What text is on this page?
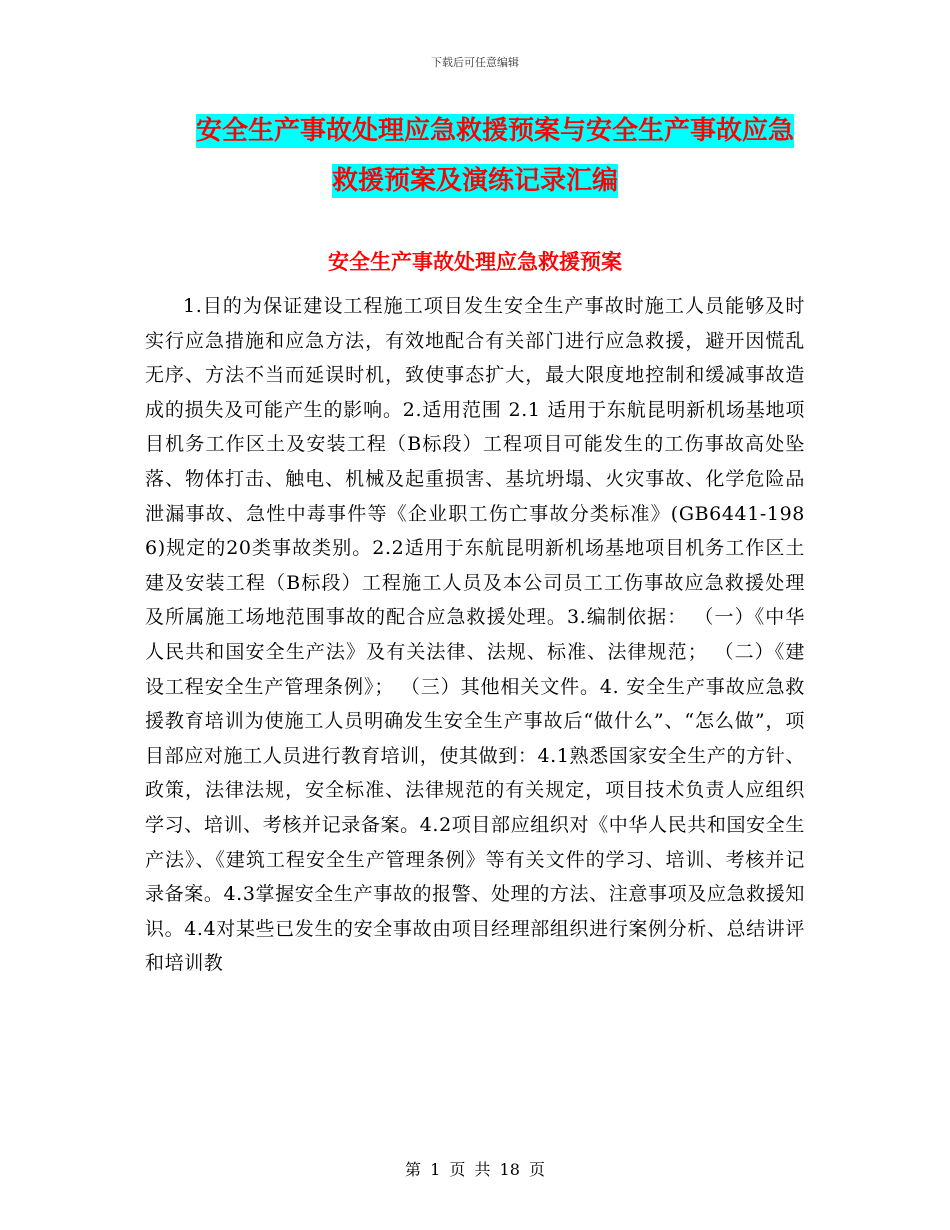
下载后可任意编辑
安全生产事故处理应急救援预案与安全生产事故应急
救援预案及演练记录汇编
安全生产事故处理应急救援预案

1.目的为保证建设工程施工项目发生安全生产事故时施工人员能够及时实行应急措施和应急方法，有效地配合有关部门进行应急救援，避开因慌乱无序、方法不当而延误时机，致使事态扩大，最大限度地控制和缓减事故造成的损失及可能产生的影响。2.适用范围 2.1 适用于东航昆明新机场基地项目机务工作区土及安装工程（B标段）工程项目可能发生的工伤事故高处坠落、物体打击、触电、机械及起重损害、基坑坍塌、火灾事故、化学危险品泄漏事故、急性中毒事件等《企业职工伤亡事故分类标准》(GB6441-1986)规定的20类事故类别。2.2适用于东航昆明新机场基地项目机务工作区土建及安装工程（B标段）工程施工人员及本公司员工工伤事故应急救援处理及所属施工场地范围事故的配合应急救援处理。3.编制依据： （一）《中华人民共和国安全生产法》及有关法律、法规、标准、法律规范； （二）《建设工程安全生产管理条例》； （三）其他相关文件。4. 安全生产事故应急救援教育培训为使施工人员明确发生安全生产事故后“做什么”、“怎么做”，项目部应对施工人员进行教育培训，使其做到：4.1熟悉国家安全生产的方针、政策，法律法规，安全标准、法律规范的有关规定，项目技术负责人应组织学习、培训、考核并记录备案。4.2项目部应组织对《中华人民共和国安全生产法》、《建筑工程安全生产管理条例》等有关文件的学习、培训、考核并记录备案。4.3掌握安全生产事故的报警、处理的方法、注意事项及应急救援知识。4.4对某些已发生的安全事故由项目经理部组织进行案例分析、总结讲评和培训教

第 1 页 共 18 页
